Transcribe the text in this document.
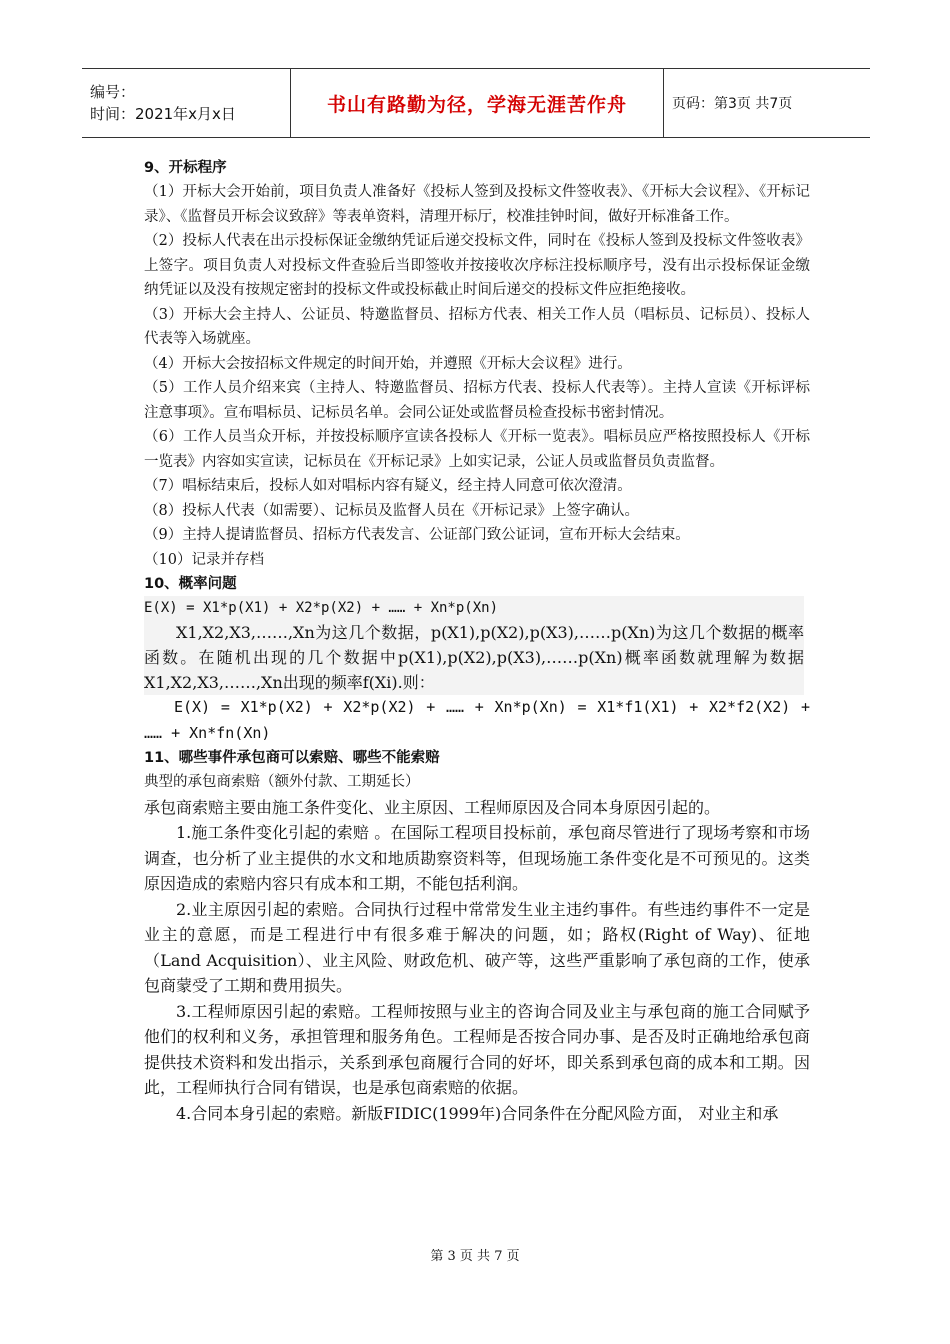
编号：
时间：2021年x月x日	书山有路勤为径，学海无涯苦作舟	页码：第3页 共7页
9、开标程序

（1）开标大会开始前，项目负责人准备好《投标人签到及投标文件签收表》、《开标大会议程》、《开标记录》、《监督员开标会议致辞》等表单资料，清理开标厅，校准挂钟时间，做好开标准备工作。

（2）投标人代表在出示投标保证金缴纳凭证后递交投标文件，同时在《投标人签到及投标文件签收表》上签字。项目负责人对投标文件查验后当即签收并按接收次序标注投标顺序号，没有出示投标保证金缴纳凭证以及没有按规定密封的投标文件或投标截止时间后递交的投标文件应拒绝接收。

（3）开标大会主持人、公证员、特邀监督员、招标方代表、相关工作人员（唱标员、记标员）、投标人代表等入场就座。

（4）开标大会按招标文件规定的时间开始，并遵照《开标大会议程》进行。

（5）工作人员介绍来宾（主持人、特邀监督员、招标方代表、投标人代表等）。主持人宣读《开标评标注意事项》。宣布唱标员、记标员名单。会同公证处或监督员检查投标书密封情况。

（6）工作人员当众开标，并按投标顺序宣读各投标人《开标一览表》。唱标员应严格按照投标人《开标一览表》内容如实宣读，记标员在《开标记录》上如实记录，公证人员或监督员负责监督。

（7）唱标结束后，投标人如对唱标内容有疑义，经主持人同意可依次澄清。

（8）投标人代表（如需要）、记标员及监督人员在《开标记录》上签字确认。

（9）主持人提请监督员、招标方代表发言、公证部门致公证词，宣布开标大会结束。

（10）记录并存档

10、概率问题
E(X) = X1*p(X1) + X2*p(X2) + …… + Xn*p(Xn)

X1,X2,X3,……,Xn为这几个数据，p(X1),p(X2),p(X3),……p(Xn)为这几个数据的概率函数。在随机出现的几个数据中p(X1),p(X2),p(X3),……p(Xn)概率函数就理解为数据X1,X2,X3,……,Xn出现的频率f(Xi).则：

E(X) = X1*p(X2) + X2*p(X2) + …… + Xn*p(Xn) = X1*f1(X1) + X2*f2(X2) + …… + Xn*fn(Xn)

11、哪些事件承包商可以索赔、哪些不能索赔

典型的承包商索赔（额外付款、工期延长）

承包商索赔主要由施工条件变化、业主原因、工程师原因及合同本身原因引起的。

1.施工条件变化引起的索赔 。在国际工程项目投标前，承包商尽管进行了现场考察和市场调查，也分析了业主提供的水文和地质勘察资料等，但现场施工条件变化是不可预见的。这类原因造成的索赔内容只有成本和工期，不能包括利润。

2.业主原因引起的索赔。合同执行过程中常常发生业主违约事件。有些违约事件不一定是业主的意愿，而是工程进行中有很多难于解决的问题，如；路权(Right of Way)、征地（Land Acquisition）、业主风险、财政危机、破产等，这些严重影响了承包商的工作，使承包商蒙受了工期和费用损失。

3.工程师原因引起的索赔。工程师按照与业主的咨询合同及业主与承包商的施工合同赋予他们的权利和义务，承担管理和服务角色。工程师是否按合同办事、是否及时正确地给承包商提供技术资料和发出指示，关系到承包商履行合同的好坏，即关系到承包商的成本和工期。因此，工程师执行合同有错误，也是承包商索赔的依据。

4.合同本身引起的索赔。新版FIDIC(1999年)合同条件在分配风险方面， 对业主和承

第 3 页 共 7 页
